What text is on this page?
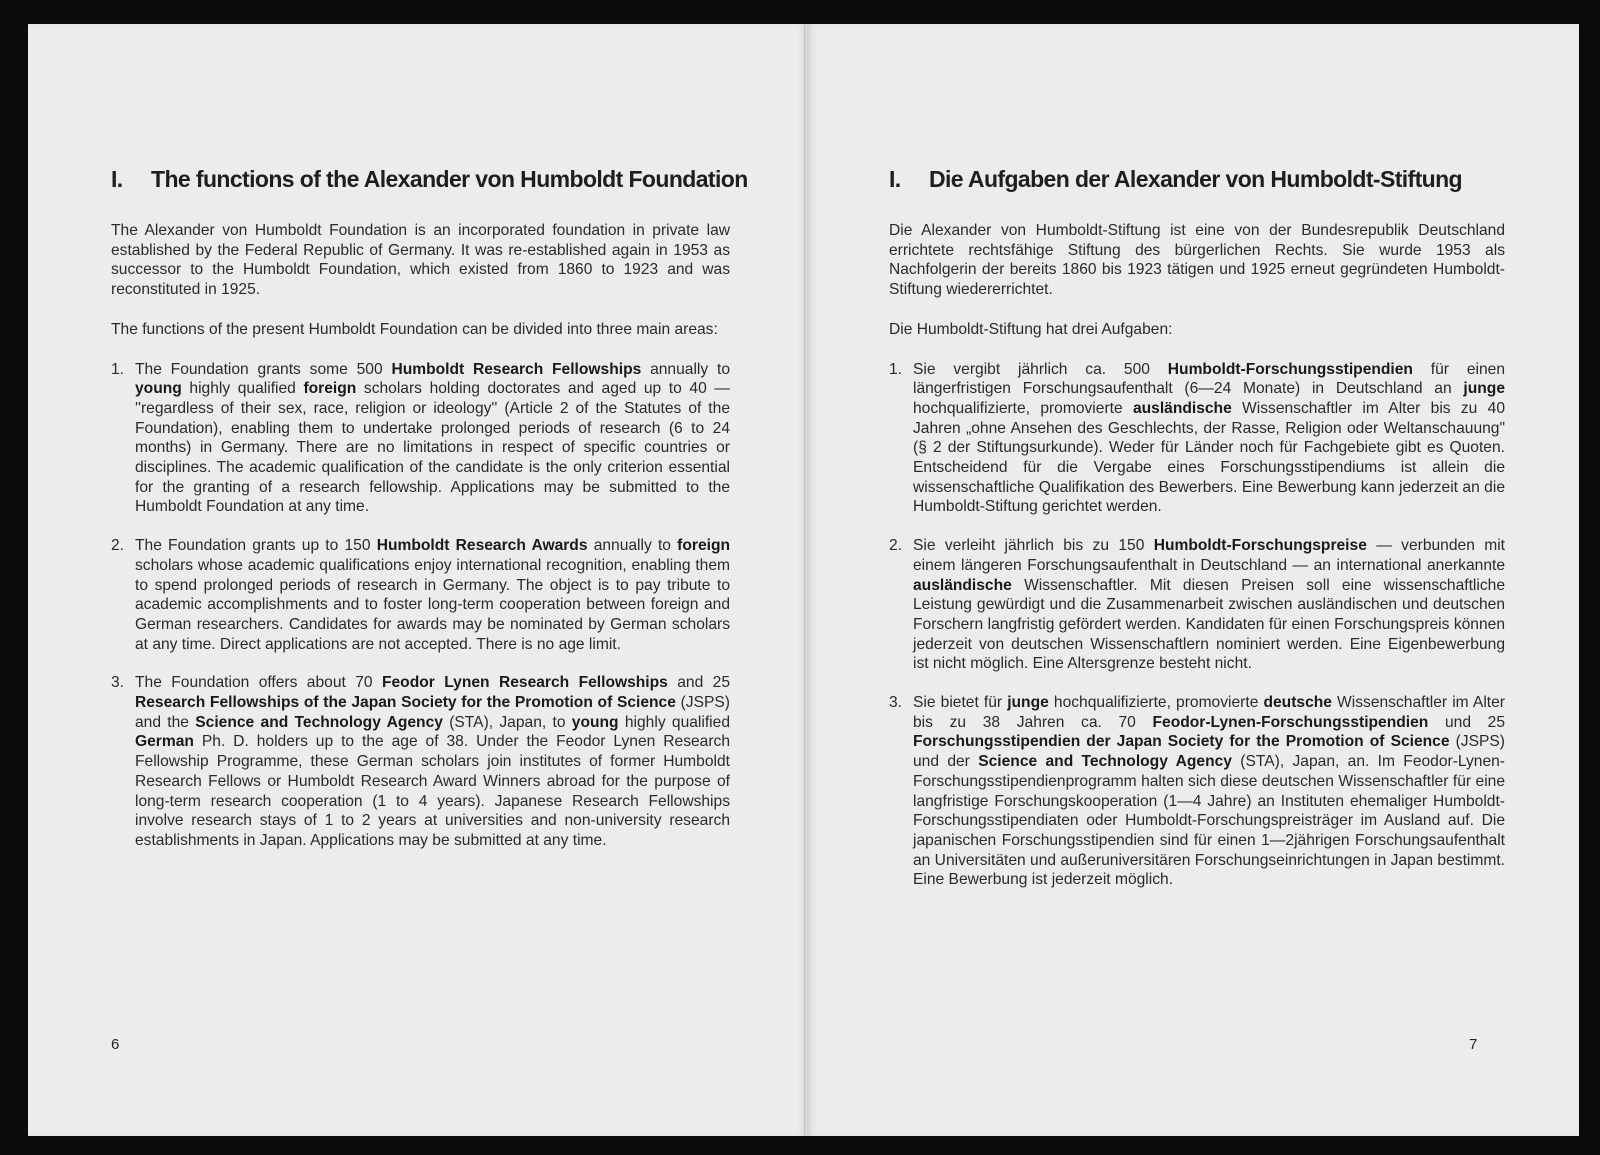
I. The functions of the Alexander von Humboldt Foundation

The Alexander von Humboldt Foundation is an incorporated foundation in private law established by the Federal Republic of Germany. It was re-established again in 1953 as successor to the Humboldt Foundation, which existed from 1860 to 1923 and was reconstituted in 1925.

The functions of the present Humboldt Foundation can be divided into three main areas:

1. The Foundation grants some 500 Humboldt Research Fellowships annually to young highly qualified foreign scholars holding doctorates and aged up to 40 — ''regardless of their sex, race, religion or ideology'' (Article 2 of the Statutes of the Foundation), enabling them to undertake prolonged periods of research (6 to 24 months) in Germany. There are no limitations in respect of specific countries or disciplines. The academic qualification of the candidate is the only criterion essential for the granting of a research fellowship. Applications may be submitted to the Humboldt Foundation at any time.
2. The Foundation grants up to 150 Humboldt Research Awards annually to foreign scholars whose academic qualifications enjoy international recognition, enabling them to spend prolonged periods of research in Germany. The object is to pay tribute to academic accomplishments and to foster long-term cooperation between foreign and German researchers. Candidates for awards may be nominated by German scholars at any time. Direct applications are not accepted. There is no age limit.
3. The Foundation offers about 70 Feodor Lynen Research Fellowships and 25 Research Fellowships of the Japan Society for the Promotion of Science (JSPS) and the Science and Technology Agency (STA), Japan, to young highly qualified German Ph. D. holders up to the age of 38. Under the Feodor Lynen Research Fellowship Programme, these German scholars join institutes of former Humboldt Research Fellows or Humboldt Research Award Winners abroad for the purpose of long-term research cooperation (1 to 4 years). Japanese Research Fellowships involve research stays of 1 to 2 years at universities and non-university research establishments in Japan. Applications may be submitted at any time.
6
I. Die Aufgaben der Alexander von Humboldt-Stiftung

Die Alexander von Humboldt-Stiftung ist eine von der Bundesrepublik Deutschland errichtete rechtsfähige Stiftung des bürgerlichen Rechts. Sie wurde 1953 als Nachfolgerin der bereits 1860 bis 1923 tätigen und 1925 erneut gegründeten Humboldt-Stiftung wiedererrichtet.

Die Humboldt-Stiftung hat drei Aufgaben:

1. Sie vergibt jährlich ca. 500 Humboldt-Forschungsstipendien für einen längerfristigen Forschungsaufenthalt (6—24 Monate) in Deutschland an junge hochqualifizierte, promovierte ausländische Wissenschaftler im Alter bis zu 40 Jahren „ohne Ansehen des Geschlechts, der Rasse, Religion oder Weltanschauung" (§ 2 der Stiftungsurkunde). Weder für Länder noch für Fachgebiete gibt es Quoten. Entscheidend für die Vergabe eines Forschungsstipendiums ist allein die wissenschaftliche Qualifikation des Bewerbers. Eine Bewerbung kann jederzeit an die Humboldt-Stiftung gerichtet werden.
2. Sie verleiht jährlich bis zu 150 Humboldt-Forschungspreise — verbunden mit einem längeren Forschungsaufenthalt in Deutschland — an international anerkannte ausländische Wissenschaftler. Mit diesen Preisen soll eine wissenschaftliche Leistung gewürdigt und die Zusammenarbeit zwischen ausländischen und deutschen Forschern langfristig gefördert werden. Kandidaten für einen Forschungspreis können jederzeit von deutschen Wissenschaftlern nominiert werden. Eine Eigenbewerbung ist nicht möglich. Eine Altersgrenze besteht nicht.
3. Sie bietet für junge hochqualifizierte, promovierte deutsche Wissenschaftler im Alter bis zu 38 Jahren ca. 70 Feodor-Lynen-Forschungsstipendien und 25 Forschungsstipendien der Japan Society for the Promotion of Science (JSPS) und der Science and Technology Agency (STA), Japan, an. Im Feodor-Lynen-Forschungsstipendienprogramm halten sich diese deutschen Wissenschaftler für eine langfristige Forschungskooperation (1—4 Jahre) an Instituten ehemaliger Humboldt-Forschungsstipendiaten oder Humboldt-Forschungspreisträger im Ausland auf. Die japanischen Forschungsstipendien sind für einen 1—2jährigen Forschungsaufenthalt an Universitäten und außeruniversitären Forschungseinrichtungen in Japan bestimmt. Eine Bewerbung ist jederzeit möglich.
7
